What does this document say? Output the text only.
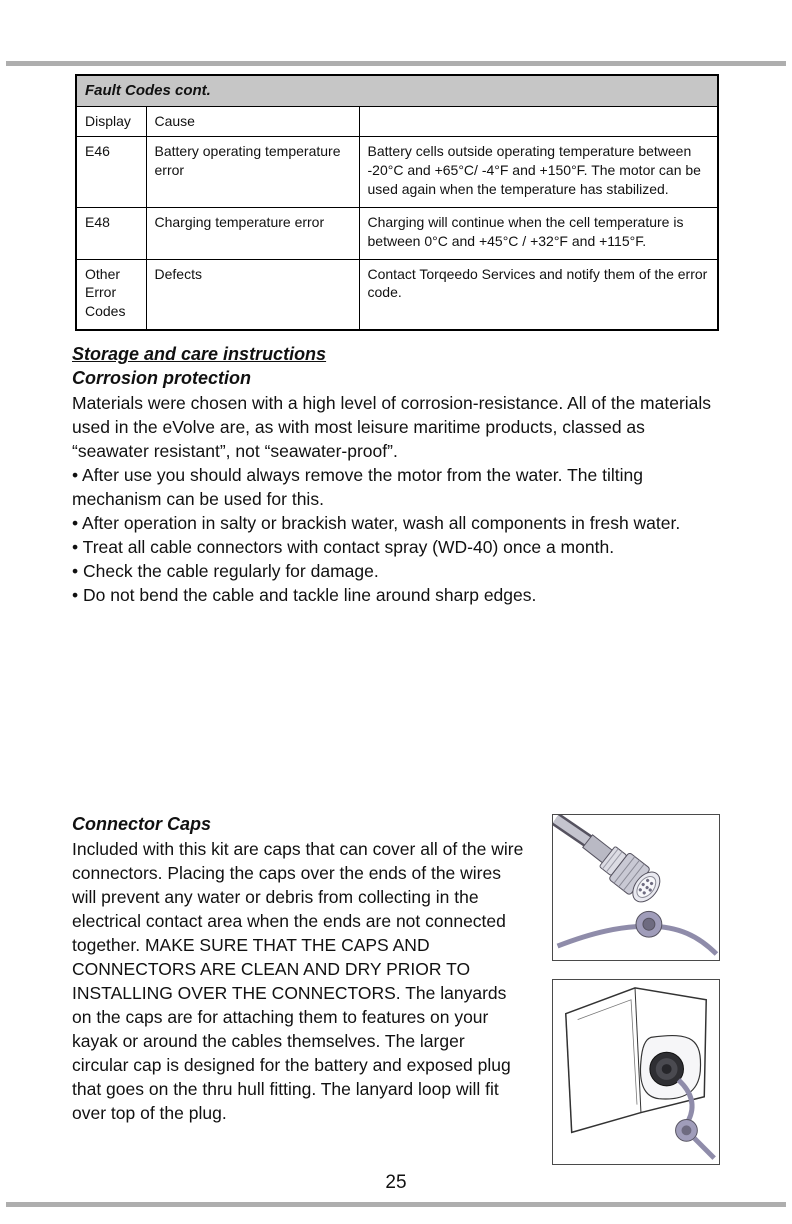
Fault Codes cont.		
Display	Cause	
E46	Battery operating temperature error	Battery cells outside operating temperature between -20°C and +65°C/ -4°F and +150°F. The motor can be used again when the temperature has stabilized.
E48	Charging temperature error	Charging will continue when the cell temperature is between 0°C and +45°C / +32°F and +115°F.
Other Error Codes	Defects	Contact Torqeedo Services and notify them of the error code.
Storage and care instructions
Corrosion protection

Materials were chosen with a high level of corrosion-resistance. All of the materials used in the eVolve are, as with most leisure maritime products, classed as “seawater resistant”, not “seawater-proof”.

• After use you should always remove the motor from the water. The tilting mechanism can be used for this.

• After operation in salty or brackish water, wash all components in fresh water.

• Treat all cable connectors with contact spray (WD-40) once a month.

• Check the cable regularly for damage.

• Do not bend the cable and tackle line around sharp edges.

Connector Caps

Included with this kit are caps that can cover all of the wire connectors. Placing the caps over the ends of the wires will prevent any water or debris from collecting in the electrical contact area when the ends are not connected together. MAKE SURE THAT THE CAPS AND CONNECTORS ARE CLEAN AND DRY PRIOR TO INSTALLING OVER THE CONNECTORS. The lanyards on the caps are for attaching them to features on your kayak or around the cables themselves. The larger circular cap is designed for the battery and exposed plug that goes on the thru hull fitting. The lanyard loop will fit over top of the plug.

25
